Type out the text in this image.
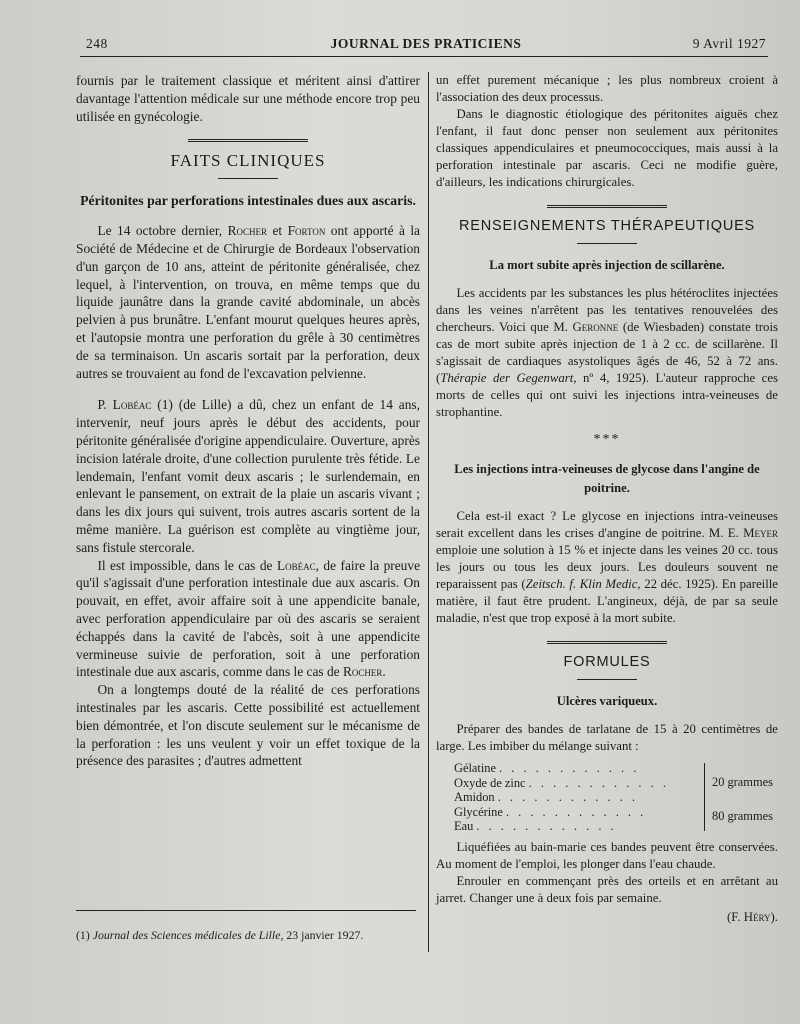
248	JOURNAL DES PRATICIENS	9 Avril 1927

fournis par le traitement classique et méritent ainsi d'attirer davantage l'attention médicale sur une méthode encore trop peu utilisée en gynécologie.

FAITS CLINIQUES
Péritonites par perforations intestinales dues aux ascaris.

Le 14 octobre dernier, Rocher et Forton ont apporté à la Société de Médecine et de Chirurgie de Bordeaux l'observation d'un garçon de 10 ans, atteint de péritonite généralisée, chez lequel, à l'intervention, on trouva, en même temps que du liquide jaunâtre dans la grande cavité abdominale, un abcès pelvien à pus brunâtre. L'enfant mourut quelques heures après, et l'autopsie montra une perforation du grêle à 30 centimètres de sa terminaison. Un ascaris sortait par la perforation, deux autres se trouvaient au fond de l'excavation pelvienne.

P. Lobéac (1) (de Lille) a dû, chez un enfant de 14 ans, intervenir, neuf jours après le début des accidents, pour péritonite généralisée d'origine appendiculaire. Ouverture, après incision latérale droite, d'une collection purulente très fétide. Le lendemain, l'enfant vomit deux ascaris ; le surlendemain, en enlevant le pansement, on extrait de la plaie un ascaris vivant ; dans les dix jours qui suivent, trois autres ascaris sortent de la même manière. La guérison est complète au vingtième jour, sans fistule stercorale.

Il est impossible, dans le cas de Lobéac, de faire la preuve qu'il s'agissait d'une perforation intestinale due aux ascaris. On pouvait, en effet, avoir affaire soit à une appendicite banale, avec perforation appendiculaire par où des ascaris se seraient échappés dans la cavité de l'abcès, soit à une appendicite vermineuse suivie de perforation, soit à une perforation intestinale due aux ascaris, comme dans le cas de Rocher.

On a longtemps douté de la réalité de ces perforations intestinales par les ascaris. Cette possibilité est actuellement bien démontrée, et l'on discute seulement sur le mécanisme de la perforation : les uns veulent y voir un effet toxique de la présence des parasites ; d'autres admettent

(1) Journal des Sciences médicales de Lille, 23 janvier 1927.

un effet purement mécanique ; les plus nombreux croient à l'association des deux processus.

Dans le diagnostic étiologique des péritonites aiguës chez l'enfant, il faut donc penser non seulement aux péritonites classiques appendiculaires et pneumococciques, mais aussi à la perforation intestinale par ascaris. Ceci ne modifie guère, d'ailleurs, les indications chirurgicales.

RENSEIGNEMENTS THÉRAPEUTIQUES
La mort subite après injection de scillarène.

Les accidents par les substances les plus hétéroclites injectées dans les veines n'arrêtent pas les tentatives renouvelées des chercheurs. Voici que M. Geronne (de Wiesbaden) constate trois cas de mort subite après injection de 1 à 2 cc. de scillarène. Il s'agissait de cardiaques asystoliques âgés de 46, 52 à 72 ans. (Thérapie der Gegenwart, nº 4, 1925). L'auteur rapproche ces morts de celles qui ont suivi les injections intra-veineuses de strophantine.

***
Les injections intra-veineuses de glycose dans l'angine de poitrine.

Cela est-il exact ? Le glycose en injections intra-veineuses serait excellent dans les crises d'angine de poitrine. M. E. Meyer emploie une solution à 15 % et injecte dans les veines 20 cc. tous les jours ou tous les deux jours. Les douleurs souvent ne reparaissent pas (Zeitsch. f. Klin Medic, 22 déc. 1925). En pareille matière, il faut être prudent. L'angineux, déjà, de par sa seule maladie, n'est que trop exposé à la mort subite.

FORMULES
Ulcères variqueux.

Préparer des bandes de tarlatane de 15 à 20 centimètres de large. Les imbiber du mélange suivant :

Gélatine . . . . . . . . . . . .
Oxyde de zinc . . . . . . . . . . . .
Amidon . . . . . . . . . . . .
Glycérine . . . . . . . . . . . .
Eau . . . . . . . . . . . .
20 grammes
80 grammes

Liquéfiées au bain-marie ces bandes peuvent être conservées. Au moment de l'emploi, les plonger dans l'eau chaude.

Enrouler en commençant près des orteils et en arrêtant au jarret. Changer une à deux fois par semaine.

(F. Héry).
